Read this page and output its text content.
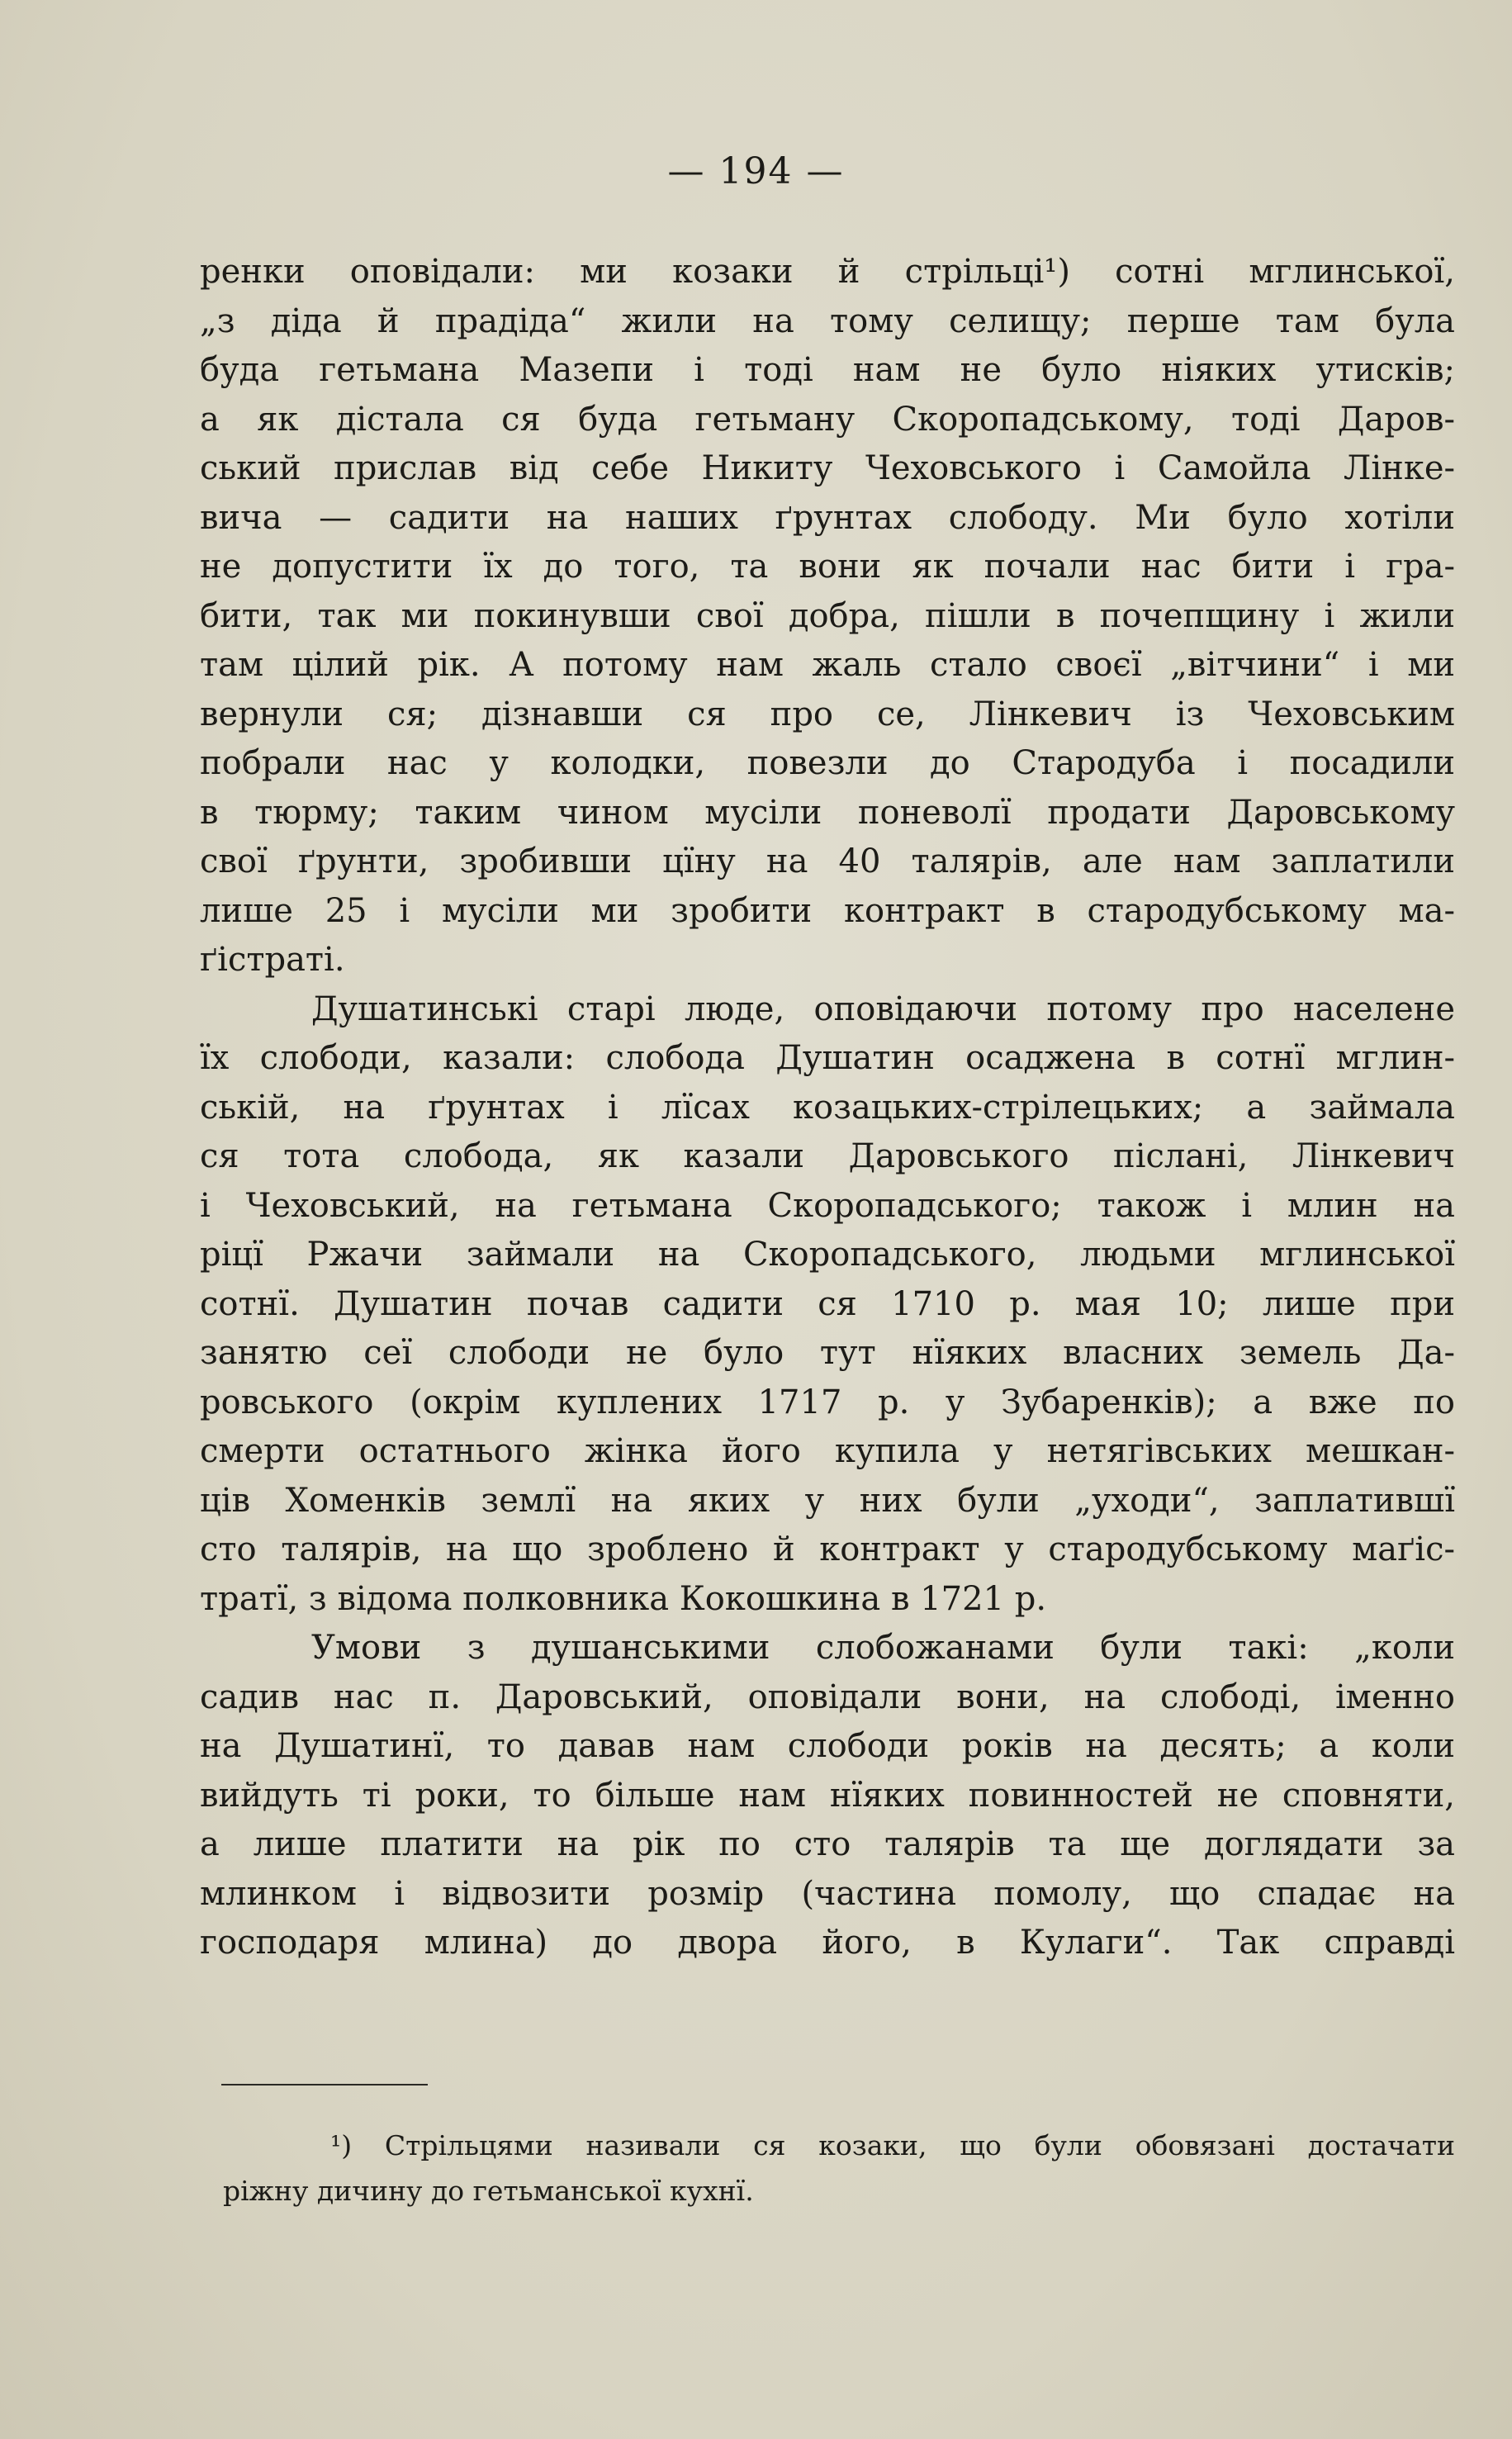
— 194 —
ренки оповідали: ми козаки й стрільці¹) сотні мглинської,
„з діда й прадіда“ жили на тому селищу; перше там була
буда гетьмана Мазепи і тоді нам не було ніяких утисків;
а як дістала ся буда гетьману Скоропадському, тоді Даров-
ський прислав від себе Никиту Чеховського і Самойла Лінке-
вича — садити на наших ґрунтах слободу. Ми було хотіли
не допустити їх до того, та вони як почали нас бити і гра-
бити, так ми покинувши свої добра, пішли в почепщину і жили
там цілий рік. А потому нам жаль стало своєї „вітчини“ і ми
вернули ся; дізнавши ся про се, Лінкевич із Чеховським
побрали нас у колодки, повезли до Стародуба і посадили
в тюрму; таким чином мусіли поневолї продати Даровському
свої ґрунти, зробивши цїну на 40 талярів, але нам заплатили
лише 25 і мусіли ми зробити контракт в стародубському ма-
ґістраті.
Душатинські старі люде, оповідаючи потому про населене
їх слободи, казали: слобода Душатин осаджена в сотнї мглин-
ській, на ґрунтах і лїсах козацьких-стрілецьких; а займала
ся тота слобода, як казали Даровського післані, Лінкевич
і Чеховський, на гетьмана Скоропадського; також і млин на
ріцї Ржачи займали на Скоропадського, людьми мглинської
сотнї. Душатин почав садити ся 1710 р. мая 10; лише при
занятю сеї слободи не було тут нїяких власних земель Да-
ровського (окрім куплених 1717 р. у Зубаренків); а вже по
смерти остатнього жінка його купила у нетягівських мешкан-
ців Хоменків землї на яких у них були „уходи“, заплатившї
сто талярів, на що зроблено й контракт у стародубському маґіс-
тратї, з відома полковника Кокошкина в 1721 р.
Умови з душанськими слобожанами були такі: „коли
садив нас п. Даровський, оповідали вони, на слободі, іменно
на Душатинї, то давав нам слободи років на десять; а коли
вийдуть ті роки, то більше нам нїяких повинностей не сповняти,
а лише платити на рік по сто талярів та ще доглядати за
млинком і відвозити розмір (частина помолу, що спадає на
господаря млина) до двора його, в Кулаги“. Так справді
¹) Стрільцями називали ся козаки, що були обовязані достачати
ріжну дичину до гетьманської кухнї.
